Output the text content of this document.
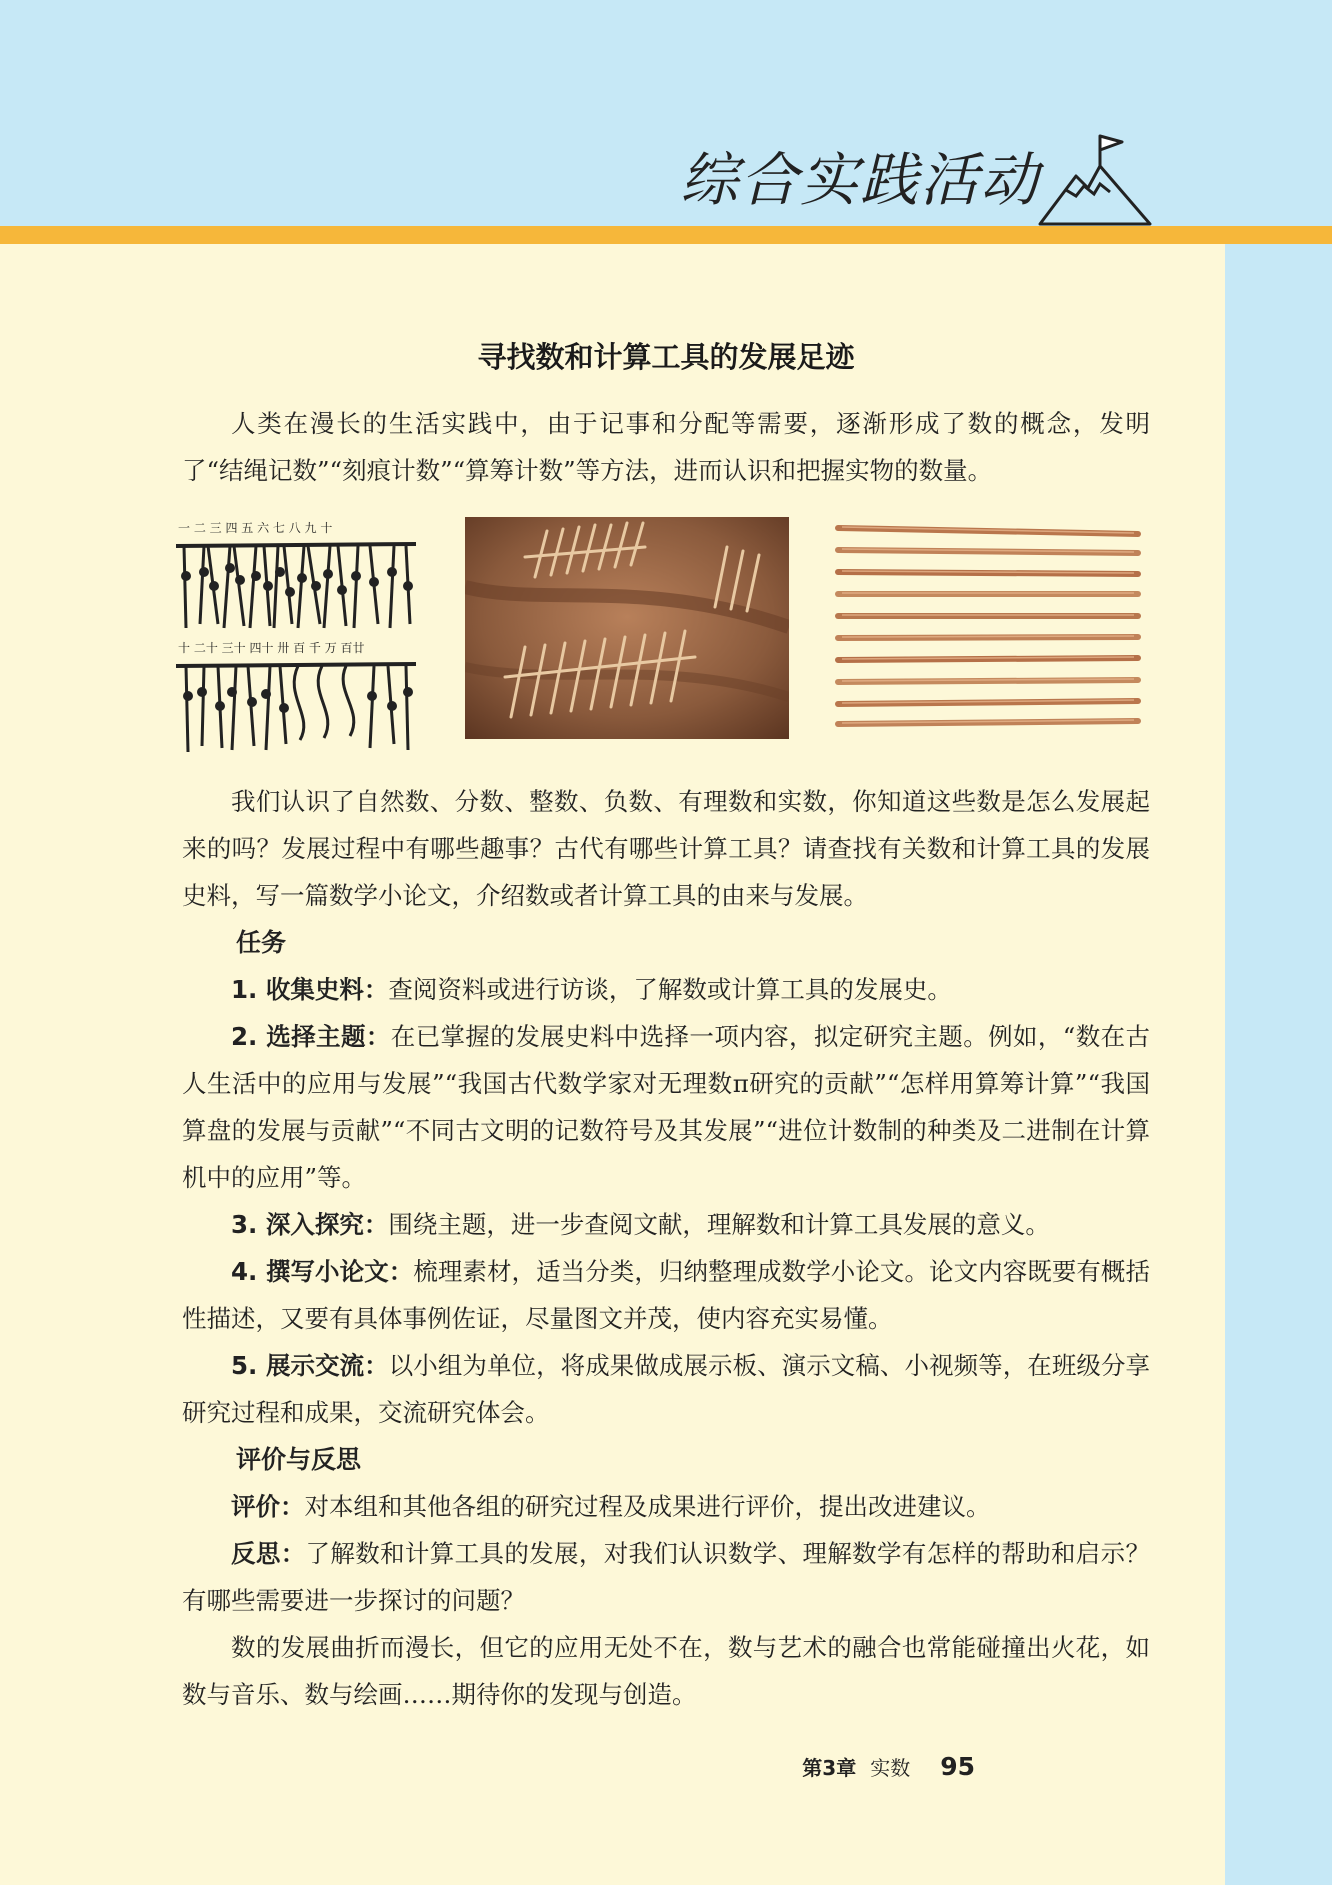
综合实践活动
寻找数和计算工具的发展足迹

人类在漫长的生活实践中，由于记事和分配等需要，逐渐形成了数的概念，发明了“结绳记数”“刻痕计数”“算筹计数”等方法，进而认识和把握实物的数量。

一 二 三 四 五 六 七 八 九 十
十 二十 三十 四十 卅 百 千 万 百廿

我们认识了自然数、分数、整数、负数、有理数和实数，你知道这些数是怎么发展起来的吗？发展过程中有哪些趣事？古代有哪些计算工具？请查找有关数和计算工具的发展史料，写一篇数学小论文，介绍数或者计算工具的由来与发展。

任务

1. 收集史料：查阅资料或进行访谈，了解数或计算工具的发展史。

2. 选择主题：在已掌握的发展史料中选择一项内容，拟定研究主题。例如，“数在古人生活中的应用与发展”“我国古代数学家对无理数π研究的贡献”“怎样用算筹计算”“我国算盘的发展与贡献”“不同古文明的记数符号及其发展”“进位计数制的种类及二进制在计算机中的应用”等。

3. 深入探究：围绕主题，进一步查阅文献，理解数和计算工具发展的意义。

4. 撰写小论文：梳理素材，适当分类，归纳整理成数学小论文。论文内容既要有概括性描述，又要有具体事例佐证，尽量图文并茂，使内容充实易懂。

5. 展示交流：以小组为单位，将成果做成展示板、演示文稿、小视频等，在班级分享研究过程和成果，交流研究体会。

评价与反思

评价：对本组和其他各组的研究过程及成果进行评价，提出改进建议。

反思：了解数和计算工具的发展，对我们认识数学、理解数学有怎样的帮助和启示？有哪些需要进一步探讨的问题？

数的发展曲折而漫长，但它的应用无处不在，数与艺术的融合也常能碰撞出火花，如数与音乐、数与绘画……期待你的发现与创造。

第3章 实数 95
